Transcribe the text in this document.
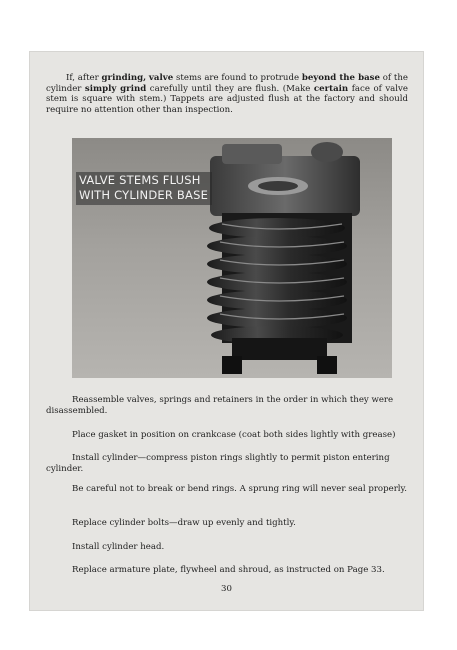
If, after grinding, valve stems are found to protrude beyond the base of the cylinder simply grind carefully until they are flush. (Make certain face of valve stem is square with stem.) Tappets are adjusted flush at the factory and should require no attention other than inspection.

VALVE STEMS FLUSH
WITH CYLINDER BASE

Reassemble valves, springs and retainers in the order in which they were disassembled.

Place gasket in position on crankcase (coat both sides lightly with grease)

Install cylinder—compress piston rings slightly to permit piston entering cylinder.

Be careful not to break or bend rings. A sprung ring will never seal properly.

Replace cylinder bolts—draw up evenly and tightly.

Install cylinder head.

Replace armature plate, flywheel and shroud, as instructed on Page 33.

30
